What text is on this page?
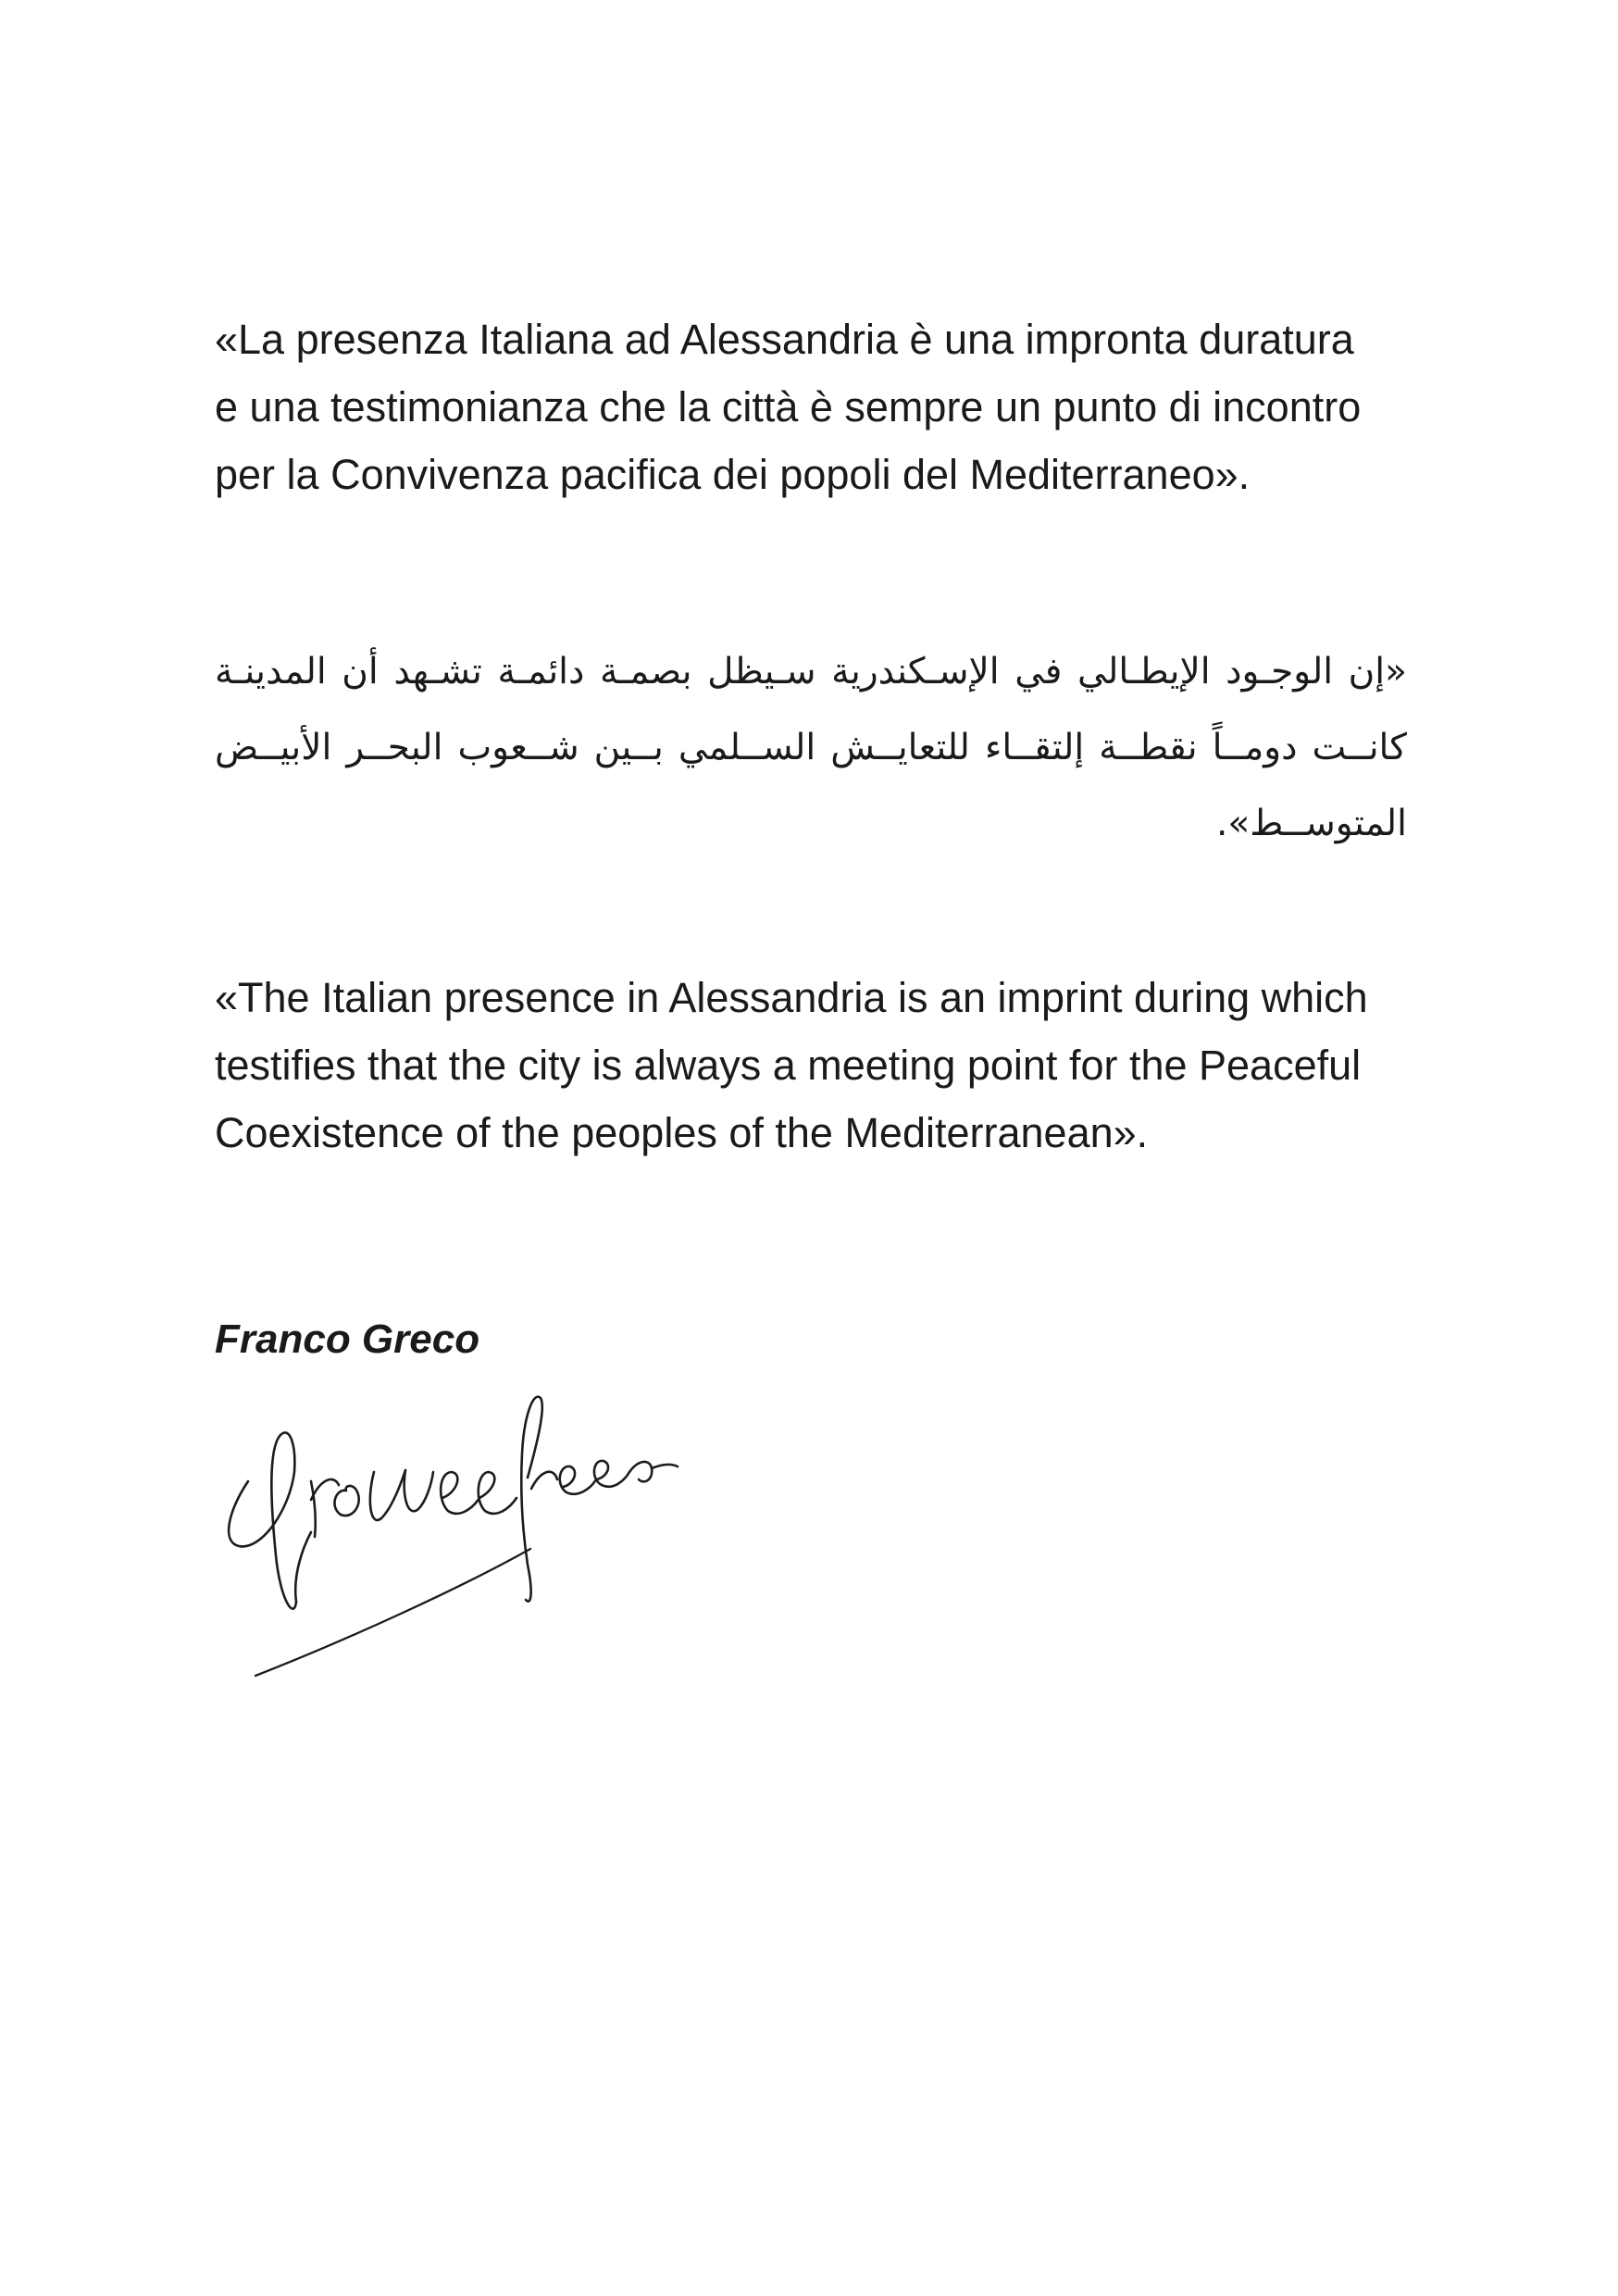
«La presenza Italiana ad Alessandria è una impronta duratura
e una testimonianza che la città è sempre un punto di incontro
per la Convivenza pacifica dei popoli del Mediterraneo».

«إن الوجـود الإيطـالي في الإسـكندرية سـيظل بصمـة دائمـة تشـهد أن المدينـة
كانــت دومــاً نقطــة إلتقــاء للتعايــش الســلمي بــين شــعوب البحــر الأبيــض
المتوســط».

«The Italian presence in Alessandria is an imprint during which
testifies that the city is always a meeting point for the Peaceful
Coexistence of the peoples of the Mediterranean».

Franco Greco
